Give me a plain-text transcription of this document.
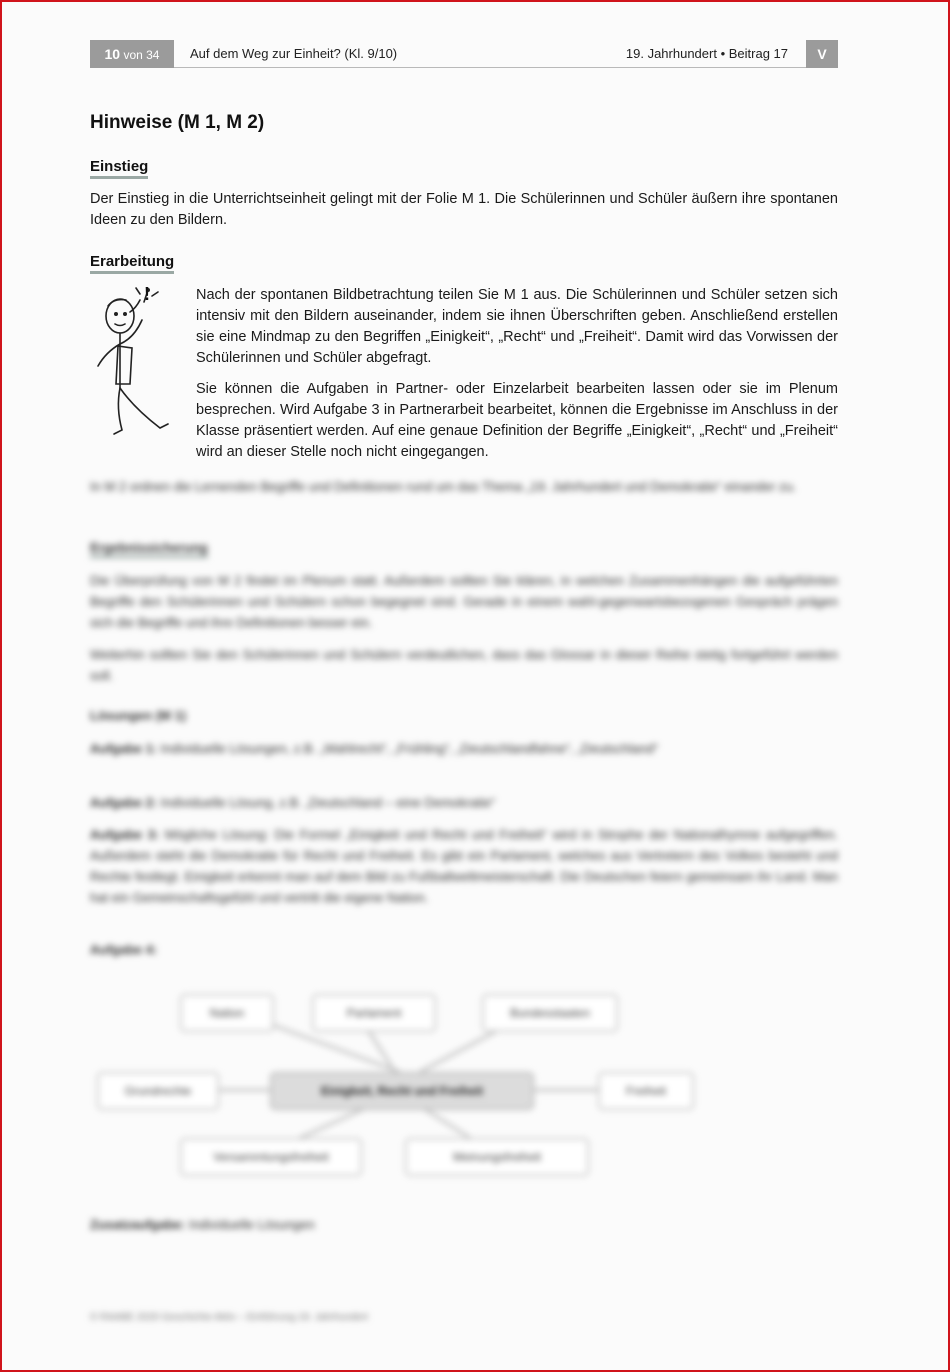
10 von 34	Auf dem Weg zur Einheit? (Kl. 9/10)	19. Jahrhundert • Beitrag 17	V
Hinweise (M 1, M 2)
Einstieg

Der Einstieg in die Unterrichtseinheit gelingt mit der Folie M 1. Die Schülerinnen und Schüler äußern ihre spontanen Ideen zu den Bildern.

Erarbeitung
!	Nach der spontanen Bildbetrachtung teilen Sie M 1 aus. Die Schülerinnen und Schüler setzen sich intensiv mit den Bildern auseinander, indem sie ihnen Überschriften geben. Anschließend erstellen sie eine Mindmap zu den Begriffen „Einigkeit“, „Recht“ und „Freiheit“. Damit wird das Vorwissen der Schülerinnen und Schüler abgefragt.

Sie können die Aufgaben in Partner- oder Einzelarbeit bearbeiten lassen oder sie im Plenum besprechen. Wird Aufgabe 3 in Partnerarbeit bearbeitet, können die Ergebnisse im Anschluss in der Klasse präsentiert werden. Auf eine genaue Definition der Begriffe „Einigkeit“, „Recht“ und „Freiheit“ wird an dieser Stelle noch nicht eingegangen.

In M 2 ordnen die Lernenden Begriffe und Definitionen rund um das Thema „19. Jahrhundert und Demokratie“ einander zu.

Ergebnissicherung

Die Überprüfung von M 2 findet im Plenum statt. Außerdem sollten Sie klären, in welchen Zusammenhängen die aufgeführten Begriffe den Schülerinnen und Schülern schon begegnet sind. Gerade in einem wahl-gegenwartsbezogenen Gespräch prägen sich die Begriffe und ihre Definitionen besser ein.

Weiterhin sollten Sie den Schülerinnen und Schülern verdeutlichen, dass das Glossar in dieser Reihe stetig fortgeführt werden soll.

Lösungen (M 1)

Aufgabe 1: Individuelle Lösungen, z.B. „Wahlrecht“, „Frühling“, „Deutschlandfahne“, „Deutschland“

Aufgabe 2: Individuelle Lösung, z.B. „Deutschland – eine Demokratie“

Aufgabe 3: Mögliche Lösung: Die Formel „Einigkeit und Recht und Freiheit“ wird in Strophe der Nationalhymne aufgegriffen. Außerdem steht die Demokratie für Recht und Freiheit. Es gibt ein Parlament, welches aus Vertretern des Volkes besteht und Rechte festlegt. Einigkeit erkennt man auf dem Bild zu Fußballweltmeisterschaft. Die Deutschen feiern gemeinsam ihr Land. Man hat ein Gemeinschaftsgefühl und vertritt die eigene Nation.

Aufgabe 4:
Nation	Parlament	Bundesstaaten
Grundrechte	Einigkeit, Recht und Freiheit	Freiheit
Versammlungsfreiheit	Meinungsfreiheit

Zusatzaufgabe: Individuelle Lösungen

© RAABE 2020 Geschichte Aktiv – Einführung 19. Jahrhundert
